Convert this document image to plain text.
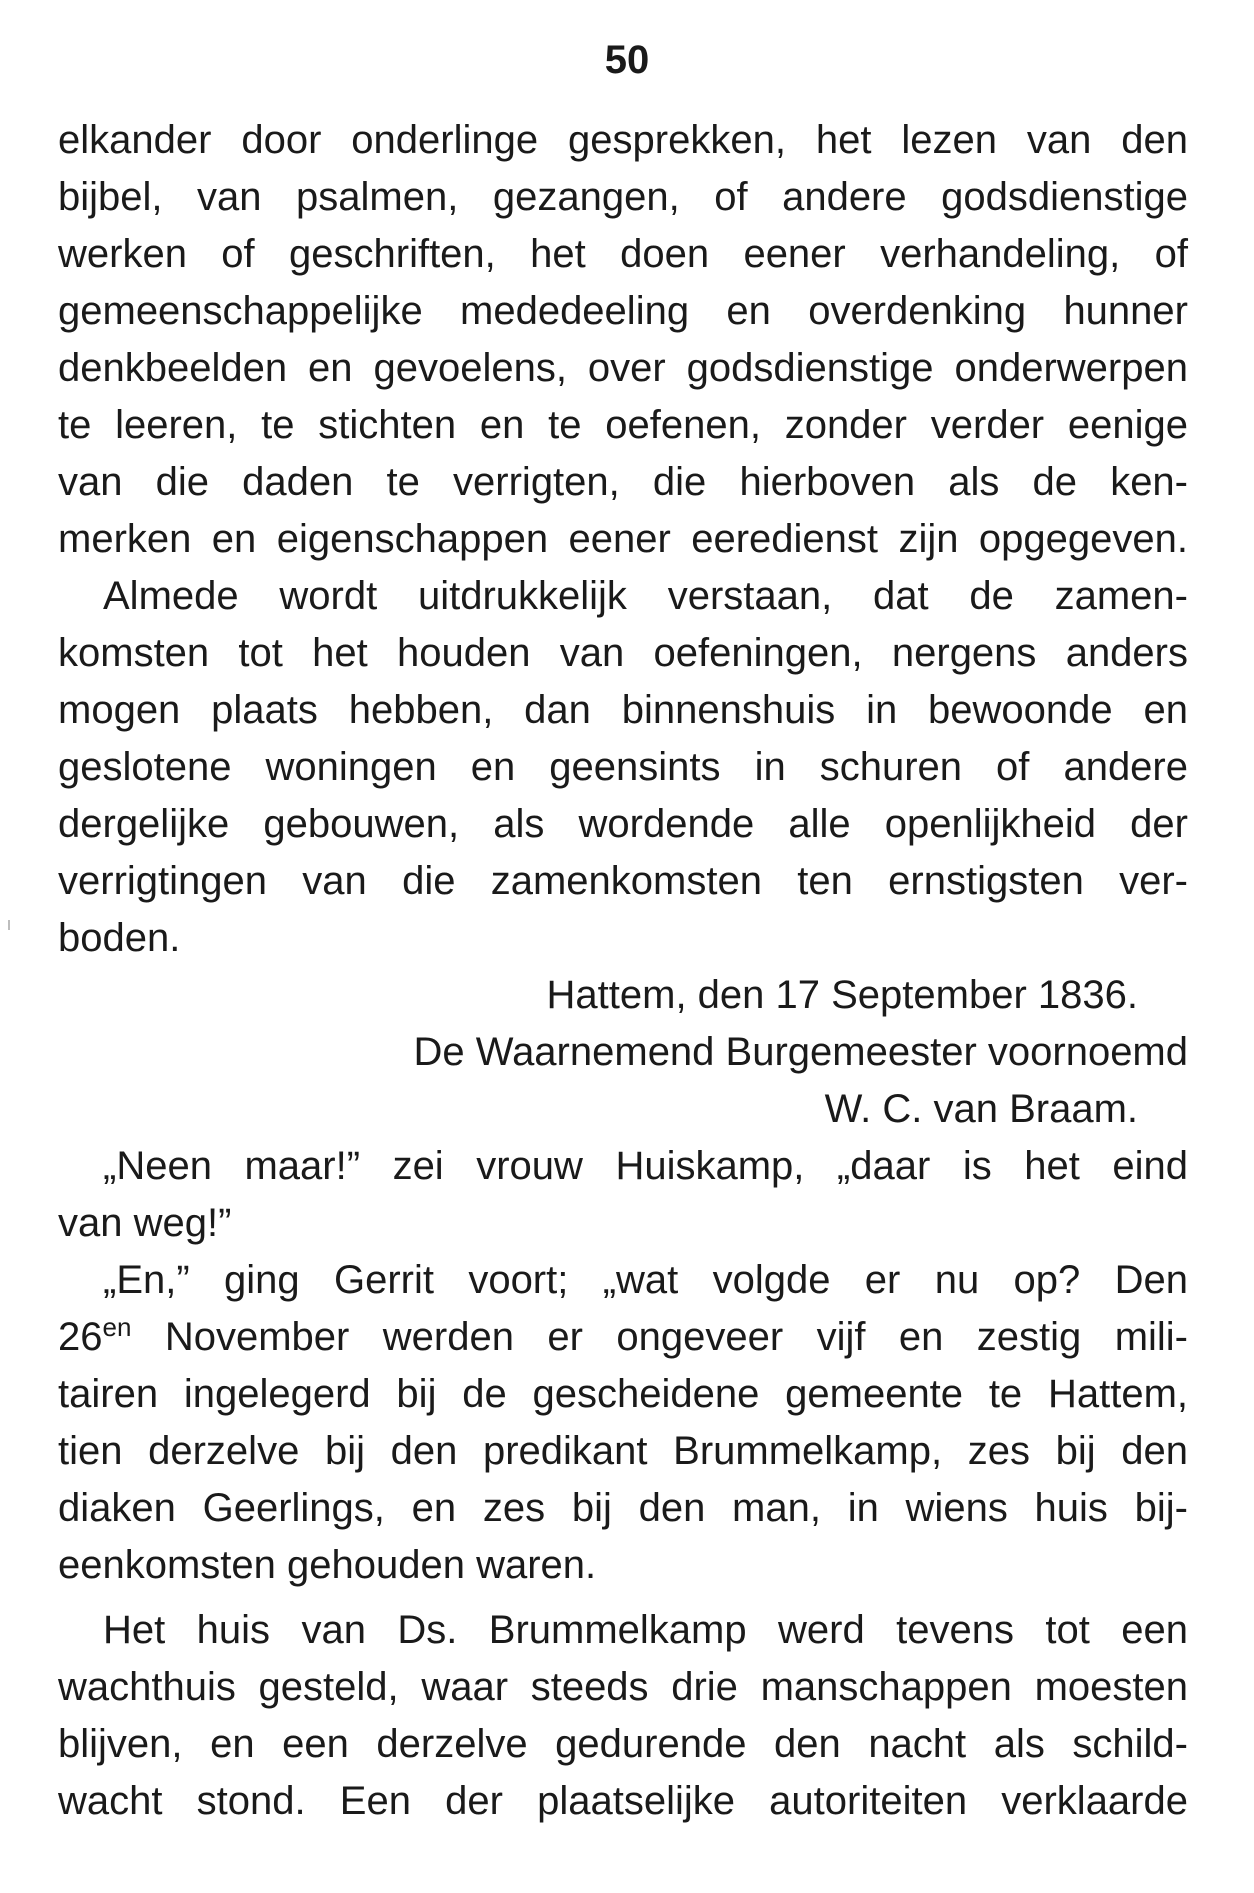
50
elkander door onderlinge gesprekken, het lezen van den
bijbel, van psalmen, gezangen, of andere godsdienstige
werken of geschriften, het doen eener verhandeling, of
gemeenschappelijke mededeeling en overdenking hunner
denkbeelden en gevoelens, over godsdienstige onderwerpen
te leeren, te stichten en te oefenen, zonder verder eenige
van die daden te verrigten, die hierboven als de ken-
merken en eigenschappen eener eeredienst zijn opgegeven.
Almede wordt uitdrukkelijk verstaan, dat de zamen-
komsten tot het houden van oefeningen, nergens anders
mogen plaats hebben, dan binnenshuis in bewoonde en
geslotene woningen en geensints in schuren of andere
dergelijke gebouwen, als wordende alle openlijkheid der
verrigtingen van die zamenkomsten ten ernstigsten ver-
boden.
Hattem, den 17 September 1836.
De Waarnemend Burgemeester voornoemd
W. C. van Braam.
„Neen maar!” zei vrouw Huiskamp, „daar is het eind
van weg!”
„En,” ging Gerrit voort; „wat volgde er nu op? Den
$26^{en}$ November werden er ongeveer vijf en zestig mili-
tairen ingelegerd bij de gescheidene gemeente te Hattem,
tien derzelve bij den predikant Brummelkamp, zes bij den
diaken Geerlings, en zes bij den man, in wiens huis bij-
eenkomsten gehouden waren.
Het huis van Ds. Brummelkamp werd tevens tot een
wachthuis gesteld, waar steeds drie manschappen moesten
blijven, en een derzelve gedurende den nacht als schild-
wacht stond. Een der plaatselijke autoriteiten verklaarde
